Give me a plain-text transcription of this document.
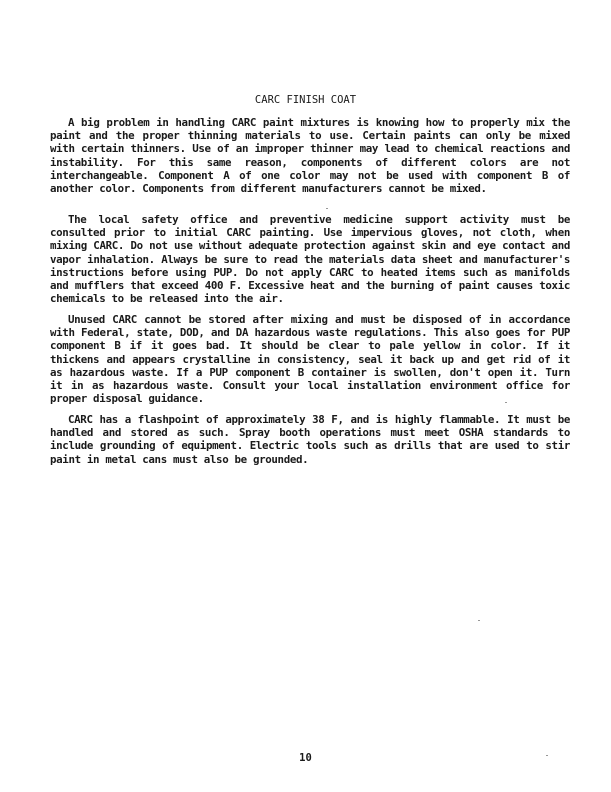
CARC FINISH COAT

A big problem in handling CARC paint mixtures is knowing how to properly mix the paint and the proper thinning materials to use. Certain paints can only be mixed with certain thinners. Use of an improper thinner may lead to chemical reactions and instability. For this same reason, components of different colors are not interchangeable. Component A of one color may not be used with component B of another color. Components from different manufacturers cannot be mixed.

The local safety office and preventive medicine support activity must be consulted prior to initial CARC painting. Use impervious gloves, not cloth, when mixing CARC. Do not use without adequate protection against skin and eye contact and vapor inhalation. Always be sure to read the materials data sheet and manufacturer's instructions before using PUP. Do not apply CARC to heated items such as manifolds and mufflers that exceed 400 F. Excessive heat and the burning of paint causes toxic chemicals to be released into the air.

Unused CARC cannot be stored after mixing and must be disposed of in accordance with Federal, state, DOD, and DA hazardous waste regulations. This also goes for PUP component B if it goes bad. It should be clear to pale yellow in color. If it thickens and appears crystalline in consistency, seal it back up and get rid of it as hazardous waste. If a PUP component B container is swollen, don't open it. Turn it in as hazardous waste. Consult your local installation environment office for proper disposal guidance.

CARC has a flashpoint of approximately 38 F, and is highly flammable. It must be handled and stored as such. Spray booth operations must meet OSHA standards to include grounding of equipment. Electric tools such as drills that are used to stir paint in metal cans must also be grounded.

10
